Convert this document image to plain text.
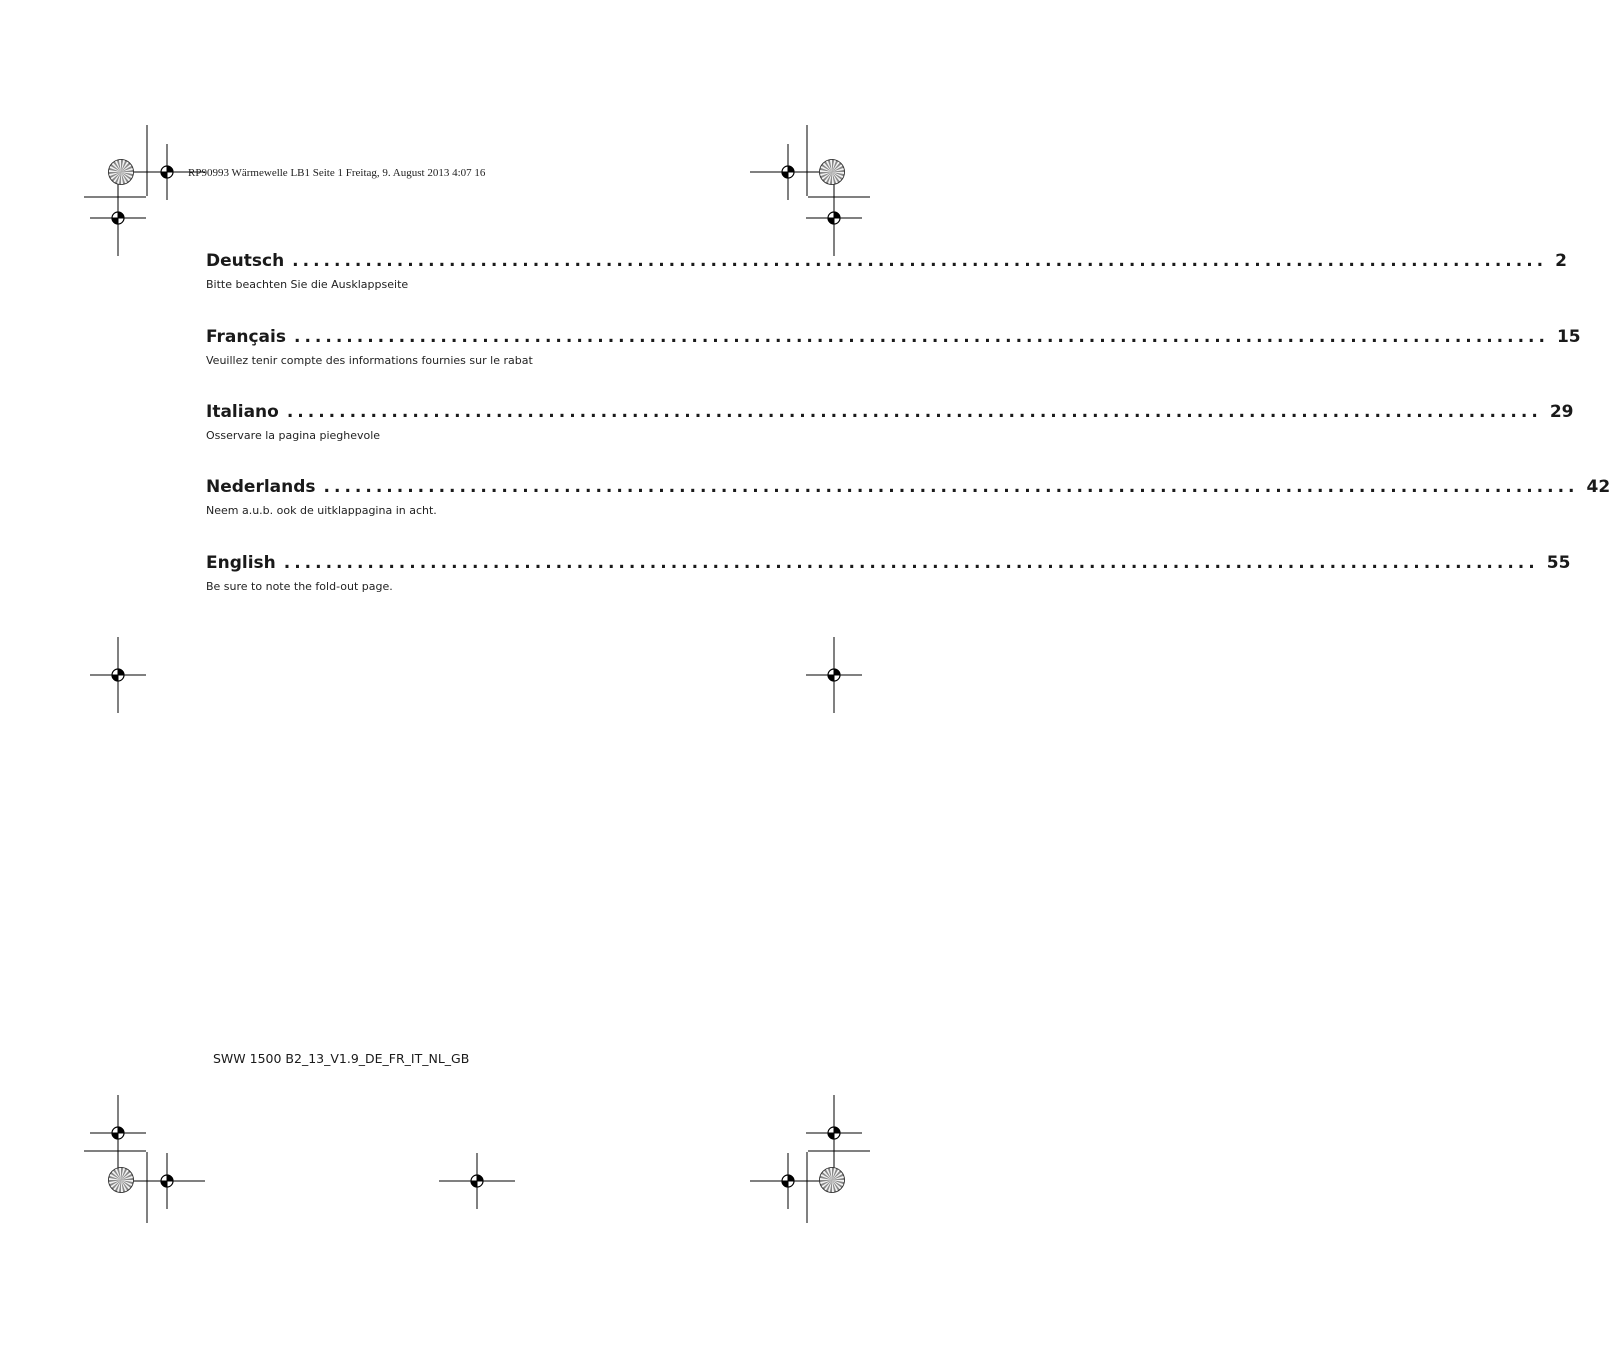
RP90993 Wärmewelle LB1 Seite 1 Freitag, 9. August 2013 4:07 16
Deutsch ........................................................................................................................ 2
Bitte beachten Sie die Ausklappseite
Français ........................................................................................................................ 15
Veuillez tenir compte des informations fournies sur le rabat
Italiano ........................................................................................................................ 29
Osservare la pagina pieghevole
Nederlands ........................................................................................................................ 42
Neem a.u.b. ook de uitklappagina in acht.
English ........................................................................................................................ 55
Be sure to note the fold-out page.
SWW 1500 B2_13_V1.9_DE_FR_IT_NL_GB
